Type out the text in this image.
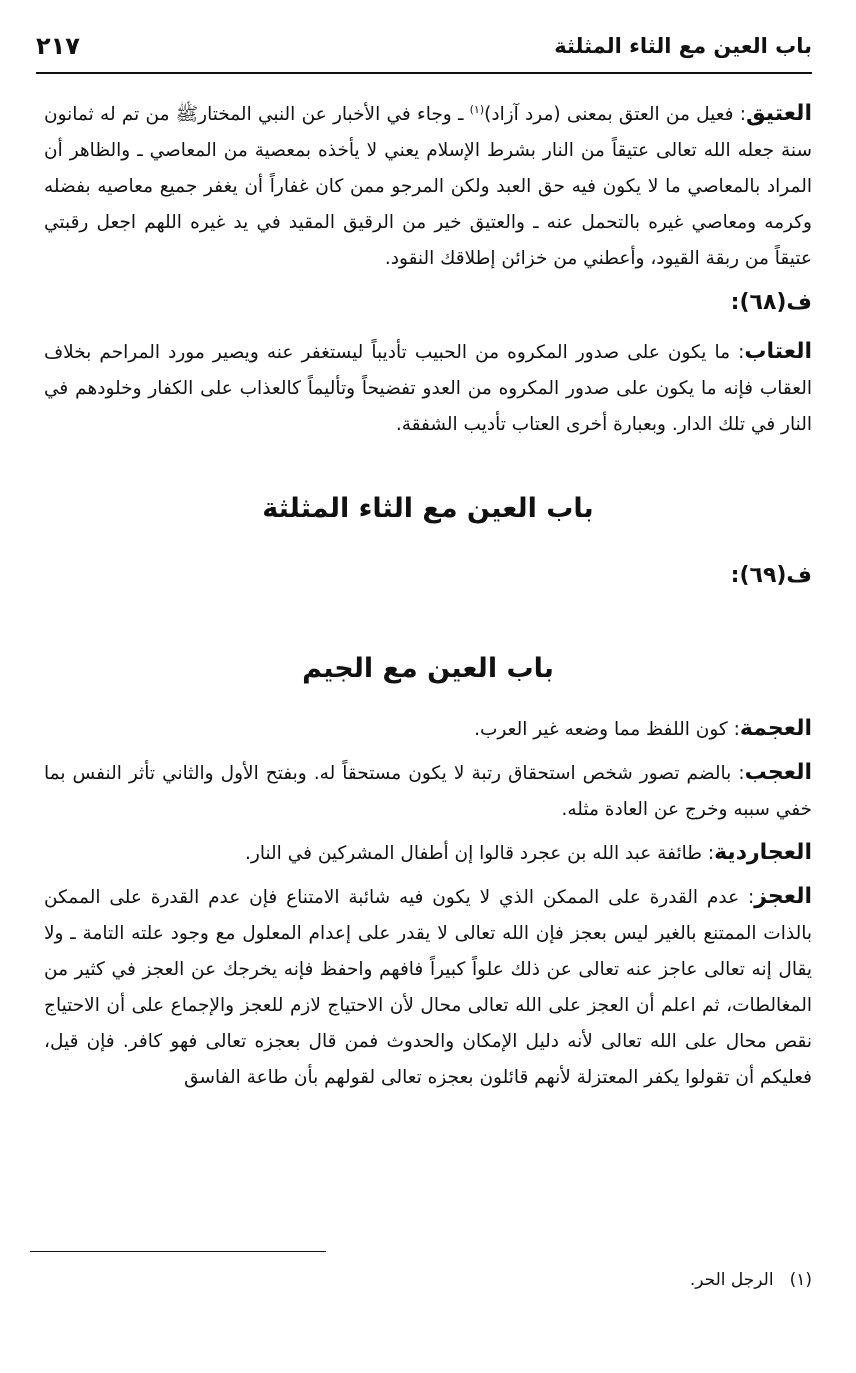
باب العين مع الثاء المثلثة
٢١٧

العتيق: فعيل من العتق بمعنى (مرد آزاد)$^{(١)}$ ـ وجاء في الأخبار عن النبي المختارﷺ من تم له ثمانون سنة جعله الله تعالى عتيقاً من النار بشرط الإسلام يعني لا يأخذه بمعصية من المعاصي ـ والظاهر أن المراد بالمعاصي ما لا يكون فيه حق العبد ولكن المرجو ممن كان غفاراً أن يغفر جميع معاصيه بفضله وكرمه ومعاصي غيره بالتحمل عنه ـ والعتيق خير من الرقيق المقيد في يد غيره اللهم اجعل رقبتي عتيقاً من ربقة القيود، وأعطني من خزائن إطلاقك النقود.

ف(٦٨):

العتاب: ما يكون على صدور المكروه من الحبيب تأديباً ليستغفر عنه ويصير مورد المراحم بخلاف العقاب فإنه ما يكون على صدور المكروه من العدو تفضيحاً وتأليماً كالعذاب على الكفار وخلودهم في النار في تلك الدار. وبعبارة أخرى العتاب تأديب الشفقة.

باب العين مع الثاء المثلثة
ف(٦٩):
باب العين مع الجيم

العجمة: كون اللفظ مما وضعه غير العرب.

العجب: بالضم تصور شخص استحقاق رتبة لا يكون مستحقاً له. وبفتح الأول والثاني تأثر النفس بما خفي سببه وخرج عن العادة مثله.

العجاردية: طائفة عبد الله بن عجرد قالوا إن أطفال المشركين في النار.

العجز: عدم القدرة على الممكن الذي لا يكون فيه شائبة الامتناع فإن عدم القدرة على الممكن بالذات الممتنع بالغير ليس بعجز فإن الله تعالى لا يقدر على إعدام المعلول مع وجود علته التامة ـ ولا يقال إنه تعالى عاجز عنه تعالى عن ذلك علواً كبيراً فافهم واحفظ فإنه يخرجك عن العجز في كثير من المغالطات، ثم اعلم أن العجز على الله تعالى محال لأن الاحتياج لازم للعجز والإجماع على أن الاحتياج نقص محال على الله تعالى لأنه دليل الإمكان والحدوث فمن قال بعجزه تعالى فهو كافر. فإن قيل، فعليكم أن تقولوا يكفر المعتزلة لأنهم قائلون بعجزه تعالى لقولهم بأن طاعة الفاسق

(١)الرجل الحر.
